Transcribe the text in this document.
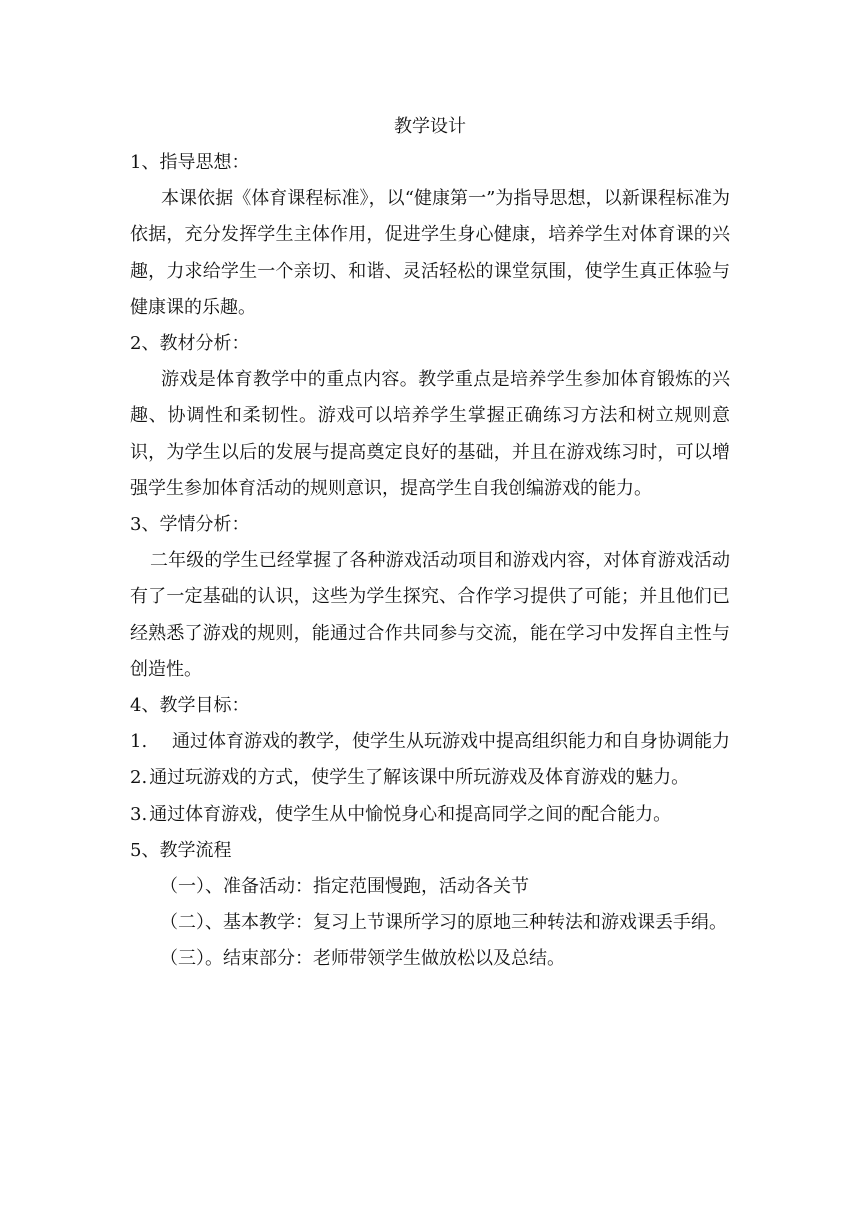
教学设计

1、指导思想：

本课依据《体育课程标准》，以“健康第一”为指导思想，以新课程标准为依据，充分发挥学生主体作用，促进学生身心健康，培养学生对体育课的兴趣，力求给学生一个亲切、和谐、灵活轻松的课堂氛围，使学生真正体验与健康课的乐趣。

2、教材分析：

游戏是体育教学中的重点内容。教学重点是培养学生参加体育锻炼的兴趣、协调性和柔韧性。游戏可以培养学生掌握正确练习方法和树立规则意识，为学生以后的发展与提高奠定良好的基础，并且在游戏练习时，可以增强学生参加体育活动的规则意识，提高学生自我创编游戏的能力。

3、学情分析：

二年级的学生已经掌握了各种游戏活动项目和游戏内容，对体育游戏活动有了一定基础的认识，这些为学生探究、合作学习提供了可能；并且他们已经熟悉了游戏的规则，能通过合作共同参与交流，能在学习中发挥自主性与创造性。

4、教学目标：

1. 通过体育游戏的教学，使学生从玩游戏中提高组织能力和自身协调能力

2. 通过玩游戏的方式，使学生了解该课中所玩游戏及体育游戏的魅力。

3. 通过体育游戏，使学生从中愉悦身心和提高同学之间的配合能力。

5、教学流程

（一）、准备活动：指定范围慢跑，活动各关节

（二）、基本教学：复习上节课所学习的原地三种转法和游戏课丢手绢。

（三）。结束部分：老师带领学生做放松以及总结。
